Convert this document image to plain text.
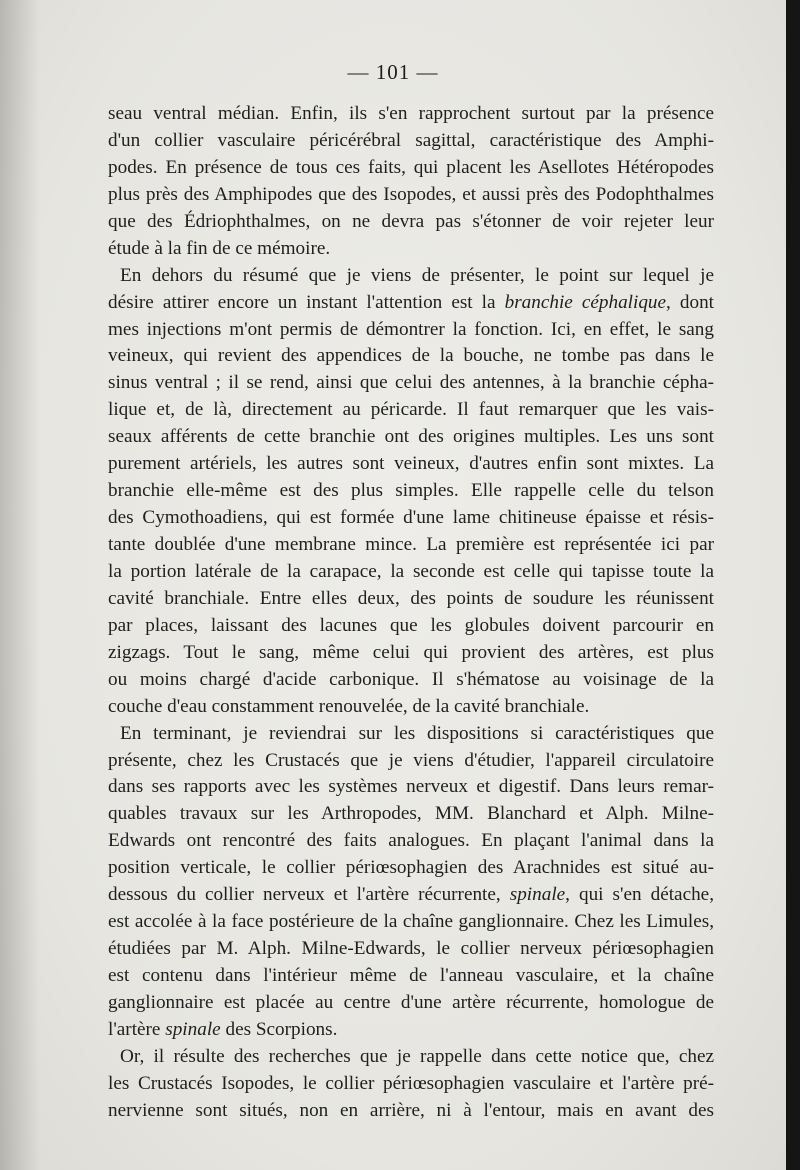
— 101 —
seau ventral médian. Enfin, ils s'en rapprochent surtout par la présence
d'un collier vasculaire péricérébral sagittal, caractéristique des Amphi-
podes. En présence de tous ces faits, qui placent les Asellotes Hétéropodes
plus près des Amphipodes que des Isopodes, et aussi près des Podophthalmes
que des Édriophthalmes, on ne devra pas s'étonner de voir rejeter leur
étude à la fin de ce mémoire.
En dehors du résumé que je viens de présenter, le point sur lequel je
désire attirer encore un instant l'attention est la branchie céphalique, dont
mes injections m'ont permis de démontrer la fonction. Ici, en effet, le sang
veineux, qui revient des appendices de la bouche, ne tombe pas dans le
sinus ventral ; il se rend, ainsi que celui des antennes, à la branchie cépha-
lique et, de là, directement au péricarde. Il faut remarquer que les vais-
seaux afférents de cette branchie ont des origines multiples. Les uns sont
purement artériels, les autres sont veineux, d'autres enfin sont mixtes. La
branchie elle-même est des plus simples. Elle rappelle celle du telson
des Cymothoadiens, qui est formée d'une lame chitineuse épaisse et résis-
tante doublée d'une membrane mince. La première est représentée ici par
la portion latérale de la carapace, la seconde est celle qui tapisse toute la
cavité branchiale. Entre elles deux, des points de soudure les réunissent
par places, laissant des lacunes que les globules doivent parcourir en
zigzags. Tout le sang, même celui qui provient des artères, est plus
ou moins chargé d'acide carbonique. Il s'hématose au voisinage de la
couche d'eau constamment renouvelée, de la cavité branchiale.
En terminant, je reviendrai sur les dispositions si caractéristiques que
présente, chez les Crustacés que je viens d'étudier, l'appareil circulatoire
dans ses rapports avec les systèmes nerveux et digestif. Dans leurs remar-
quables travaux sur les Arthropodes, MM. Blanchard et Alph. Milne-
Edwards ont rencontré des faits analogues. En plaçant l'animal dans la
position verticale, le collier périœsophagien des Arachnides est situé au-
dessous du collier nerveux et l'artère récurrente, spinale, qui s'en détache,
est accolée à la face postérieure de la chaîne ganglionnaire. Chez les Limules,
étudiées par M. Alph. Milne-Edwards, le collier nerveux périœsophagien
est contenu dans l'intérieur même de l'anneau vasculaire, et la chaîne
ganglionnaire est placée au centre d'une artère récurrente, homologue de
l'artère spinale des Scorpions.
Or, il résulte des recherches que je rappelle dans cette notice que, chez
les Crustacés Isopodes, le collier périœsophagien vasculaire et l'artère pré-
nervienne sont situés, non en arrière, ni à l'entour, mais en avant des
